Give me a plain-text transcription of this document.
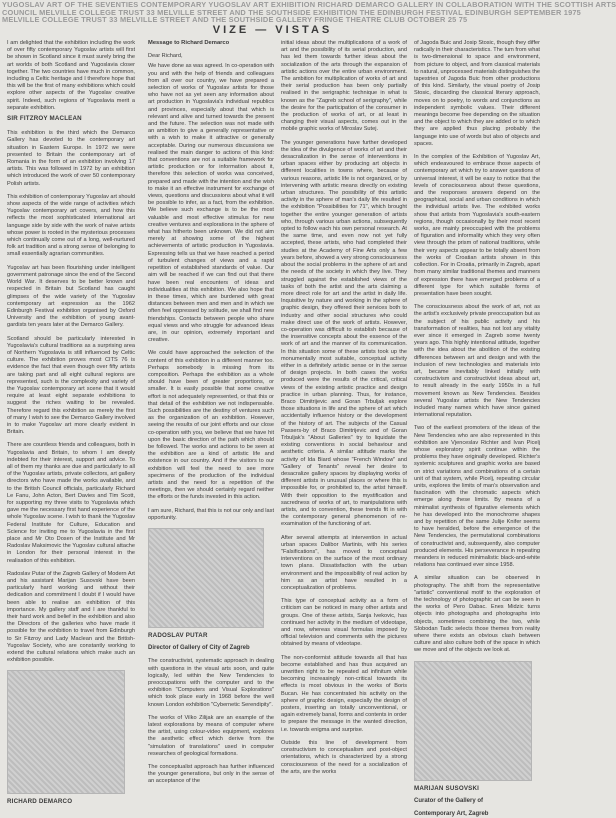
YUGOSLAV ART OF THE SEVENTIES CONTEMPORARY YUGOSLAV ART EXHIBITION RICHARD DEMARCO GALLERY IN COLLABORATION WITH THE SCOTTISH ARTS
COUNCIL MELVILLE COLLEGE TRUST 33 MELVILLE STREET AND THE SOUTHSIDE EXHIBITION THE EDINBURGH FESTIVAL EDINBURGH SEPTEMBER 1975
MELVILLE COLLEGE TRUST 33 MELVILLE STREET AND THE SOUTHSIDE GALLERY FRINGE THEATRE CLUB OCTOBER 25 75
VIZE — VISTAS

I am delighted that the exhibition including the work of over fifty contemporary Yugoslav artists will first be shown in Scotland since it must surely bring the art worlds of both Scotland and Yugoslavia closer together. The two countries have much in common, including a Celtic heritage and I therefore hope that this will be the first of many exhibitions which could explore other aspects of the Yugoslav creative spirit. Indeed, such regions of Yugoslavia merit a separate exhibition.

SIR FITZROY MACLEAN

This exhibition is the third which the Demarco Gallery has devoted to the contemporary art situation in Eastern Europe. In 1972 we were presented to Britain the contemporary art of Romania in the form of an exhibition involving 17 artists. This was followed in 1972 by an exhibition which introduced the work of over 50 contemporary Polish artists.

This exhibition of contemporary Yugoslav art should show aspects of the wide range of activities which Yugoslav contemporary art covers, and how this reflects the most sophisticated international art language side by side with the work of naive artists whose power is rooted in the mysterious processes which continually come out of a long, well-nurtured folk art tradition and a strong sense of belonging to small essentially agrarian communities.

Yugoslav art has been flourishing under intelligent government patronage since the end of the Second World War. It deserves to be better known and respected in Britain but Scotland has caught glimpses of the wide variety of the Yugoslav contemporary art expression as the 1962 Edinburgh Festival exhibition organised by Oxford University and the exhibition of young avant-gardists ten years later at the Demarco Gallery.

Scotland should be particularly interested in Yugoslavia's cultural traditions as a surprising area of Northern Yugoslavia is still influenced by Celtic culture. The exhibition proves most CITS 76 is evidence the fact that even though over fifty artists are taking part and all eight cultural regions are represented, such is the complexity and variety of the Yugoslav contemporary art scene that it would require at least eight separate exhibitions to suggest the riches waiting to be revealed. Therefore regard this exhibition as merely the first of many I wish to see the Demarco Gallery involved in to make Yugoslav art more clearly evident in Britain.

There are countless friends and colleagues, both in Yugoslavia and Britain, to whom I am deeply indebted for their interest, support and advice. To all of them my thanks are due and particularly to all of the Yugoslav artists, private collectors, art gallery directors who have made the works available, and to the British Council officials, particularly Richard Le Fanu, John Acton, Bert Davies and Tim Scott, for supporting my three visits to Yugoslavia which gave me the necessary first hand experience of the whole Yugoslav scene. I wish to thank the Yugoslav Federal Institute for Culture, Education and Science for inviting me to Yugoslavia in the first place and Mr Oto Dosen of the Institute and Mr Radoslav Maksimovic the Yugoslav cultural attache in London for their personal interest in the realisation of this exhibition.

Radoslav Putar of the Zagreb Gallery of Modern Art and his assistant Marijan Susovski have been particularly hard working and without their dedication and commitment I doubt if I would have been able to realise an exhibition of this importance. My gallery staff and I are thankful to their hard work and belief in the exhibition and also the Directors of the galleries who have made it possible for the exhibition to travel from Edinburgh to Sir Fitzroy and Lady Maclean and the British-Yugoslav Society, who are constantly working to extend the cultural relations which make such an exhibition possible.

RICHARD DEMARCO

Message to Richard Demarco

Dear Richard,

We have done as was agreed. In co-operation with you and with the help of friends and colleagues from all over our country, we have prepared a selection of works of Yugoslav artists for those who have not as yet seen any information about art production in Yugoslavia's individual republics and provinces, especially about that which is relevant and alive and turned towards the present and the future. The selection was not made with an ambition to give a generally representative or with a wish to make it attractive or generally acceptable. During our numerous discussions we realised the main danger to actions of this kind: that conventions are not a suitable framework for artistic production or for information about it, therefore this selection of works was conceived, prepared and made with the intention and the wish to make it an effective instrument for exchange of views, questions and discussions about what it will be possible to infer, as a fact, from the exhibition. We believe such exchange is to be the most valuable and most effective stimulus for new creative ventures and explorations in the sphere of what has hitherto been unknown. We did not aim merely at showing some of the highest achievements of artistic production in Yugoslavia. Expressing tells us that we have reached a period of turbulent changes of views and a rapid repetition of established standards of value. Our aim will be reached if we can find out that there have been real encounters of ideas and individualities at this exhibition. We also hope that in these times, which are burdened with great distances between men and men and in which we often feel oppressed by solitude, we shall find new friendships. Contacts between people who share equal views and who struggle for advanced ideas are, in our opinion, extremely important and creative.

We could have approached the selection of the content of this exhibition in a different manner too. Perhaps somebody is missing from its composition. Perhaps the exhibition as a whole should have been of greater proportions, or smaller. It is easily possible that some creative effort is not adequately represented, or that this or that detail of the exhibition we not indispensable. Such possibilities are the destiny of ventures such as the organization of an exhibition. However, seeing the results of our joint efforts and our close co-operation with you, we believe that we have hit upon the basic direction of the path which should be followed. The works and actions to be seen at the exhibition are a kind of artistic life and existence in our country. And if the visitors to our exhibition will feel the need to see more specimens of the production of the individual artists and the need for a repetition of the meetings, then we should certainly regard neither the efforts or the funds invested in this action.

I am sure, Richard, that this is not our only and last opportunity.

RADOSLAV PUTAR

Director of Gallery of City of Zagreb

The constructivist, systematic approach in dealing with questions in the visual arts soon, and quite logically, led within the New Tendencies to preoccupations with the computer and to the exhibition "Computers and Visual Explorations" which took place early in 1968 before the well known London exhibition "Cybernetic Serendipity".

The works of Vilko Zilijak are an example of the latest explorations by means of computer where the artist, using colour-video equipment, explores the aesthetic effect which derive from the "simulation of translations" used in computer researches of geological formations.

The conceptualist approach has further influenced the younger generations, but only in the sense of an acceptance of the

initial ideas about the multiplications of a work of art and the possibility of its serial production, and has led them towards further ideas about the socialization of the arts through the expansion of artistic actions over the entire urban environment. The ambition for multiplication of works of art and their serial production has been only partially realised in the serigraphic technique in what is known as the "Zagreb school of serigraphy", while the desire for the participation of the consumer in the production of works of art, or at least in changing their visual aspects, comes out in the mobile graphic works of Miroslav Sutej.

The younger generations have further developed the idea of the divulgence of works of art and their desacralization in the sense of interventions in urban spaces either by producing art objects in different localities in towns where, because of various reasons, artistic life is not organized, or by intervening with artistic means directly on existing urban structures. The possibility of this artistic activity in the sphere of man's daily life resulted in the exhibition "Possibilities for 71", which brought together the entire younger generation of artists who, through various urban actions, subsequently opted to follow each his own personal research. At the same time, and even now not yet fully accepted, these artists, who had completed their studies at the Academy of Fine Arts only a few years before, showed a very strong consciousness about the social problems in the sphere of art and the needs of the society in which they live. They struggled against the established views of the tasks of both the artist and the arts claiming a more direct role for art and the artist in daily life. Inquisitive by nature and working in the sphere of graphic design, they offered their services both to industry and other social structures who could make direct use of the work of artists. However, co-operation was difficult to establish because of the insensitive concepts about the essence of the work of art and the manner of its communication. In this situation some of these artists took up the monumentally most suitable, conceptual activity either in a definitely artistic sense or in the sense of design projects. In both cases the works produced were the results of the critical, critical views of the existing artistic practice and design practice in urban planning. Thus, for instance, Braco Dimitrijevic and Goran Trbuljak explore those situations in life and the sphere of art which accidentally influence history or the development of the history of art. The subjects of the Casual Passers-by of Braco Dimitrijevic and of Goran Trbuljak's "About Galleries" try to liquidate the existing conventions in social behaviour and aesthetic criteria. A similar attitude marks the activity of Ida Biard whose "French Window" and "Gallery of Tenants" reveal her desire to desacralize gallery spaces by displaying works of different artists in unusual places or where this is impossible for, or prohibited to, the artist himself. With their opposition to the mystification and sacredness of works of art, to manipulations with artists, and to convention, these trends fit in with the contemporary general phenomenon of re-examination of the functioning of art.

After several attempts at intervention in actual urban spaces Dalibor Martinis, with his series "Falsifications", has moved to conceptual interventions on the surface of the most ordinary town plans. Dissatisfaction with the urban environment and the impossibility of real action by him as an artist have resulted in a conceptualization of problems.

This type of conceptual activity as a form of criticism can be noticed in many other artists and groups. One of these artists, Sanja Ivekovic, has continued her activity in the medium of videotape, and now, whereas visual formulas imposed by official television and comments with the pictures obtained by means of videotape.

The non-conformist attitude towards all that has become established and has thus acquired an unwritten right to be repeated ad infinitum while becoming increasingly non-critical towards its effects is most obvious in the works of Boris Bucan. He has concentrated his activity on the sphere of graphic design, especially the design of posters, inserting an totally unconventional, or again extremely banal, forms and contents in order to prepare the message in the wanted direction, i.e. towards enigma and surprise.

Outside this line of development from constructivism to conceptualism and post-object orientations, which is characterized by a strong consciousness of the need for a socialization of the arts, are the works

of Jagoda Buic and Josip Stosic, though they differ radically in their characteristics. The tum from what is two-dimensional to space and environment, from picture to object, and from classical materials to natural, unprocessed materials distinguishes the tapestries of Jagoda Buic from other productions of this kind. Similarly, the visual poetry of Josip Stosic, discarding the classical literary approach, moves on to poetry, to words and conjunctions as independent symbolic values. Their different meanings become free depending on the situation and the object to which they are added or to which they are applied thus placing probably the language into use of words but also of objects and spaces.

In the complex of the Exhibition of Yugoslav Art, which endeavoured to embrace those aspects of contemporary art which try to answer questions of universal interest, it will be easy to notice that the levels of consciousness about these questions, and the responses answers depend on the geographical, social and urban conditions in which the individual artists live. The exhibited works show that artists from Yugoslavia's south-eastern regions, though occasionally by their most recent works, are mainly preoccupied with the problems of figuration and informality which they very often view through the prism of national traditions, while their very aspects appear to be totally absent from the works of Croatian artists shown in this collection. For in Croatia, primarily in Zagreb, apart from many similar traditional themes and manners of expression there have emerged problems of a different type for which suitable forms of presentation have been sought.

The consciousness about the work of art, not as the artist's exclusively private preoccupation but as the subject of his public activity and his transformation of realities, has not lost any vitality ever since it emerged in Zagreb some twenty years ago. This highly intentional attitude, together with the idea about the abolition of the existing differences between art and design and with the inclusion of new technologies and materials into art, became inevitably linked initially with constructivism and constructivist ideas about art, to result already in the early 1950s in a full movement known as New Tendencies. Besides several Yugoslav artists the New Tendencies included many names which have since gained international reputation.

Two of the earliest promoters of the ideas of the New Tendencies who are also represented in this exhibition are Vjenceslav Richter and Ivan Picelj whose exploratory spirit continue within the problems they have originally developed. Richter's systemic sculptures and graphic works are based on strict variations and combinations of a certain unit of that system, while Picelj, repeating circular units, explores the limits of man's observation and fascination with the chromatic aspects which emerge along these limits. By means of a minimalist synthesis of figurative elements which he has developed into the monochrome shapes and by repetition of the same Julije Knifer seems to have heralded, before the emergence of the New Tendencies, the permutational combinations of constructivist and, subsequently, also computer produced elements. His perseverance in repeating meanders in reduced minimalistic black-and-white relations has continued ever since 1958.

A similar situation can be observed in photography. The shift from the representative "artistic" conventional motif to the exploration of the technology of photographic art can be seen in the works of Pero Dabac. Enes Midzic turns objects into photographs and photographs into objects, sometimes combining the two, while Slobodan Tadic selects those themes from reality where there exists an obvious clash between culture and also culture both of the space in which we move and of the objects we look at.

MARIJAN SUSOVSKI

Curator of the Gallery of

Contemporary Art, Zagreb
